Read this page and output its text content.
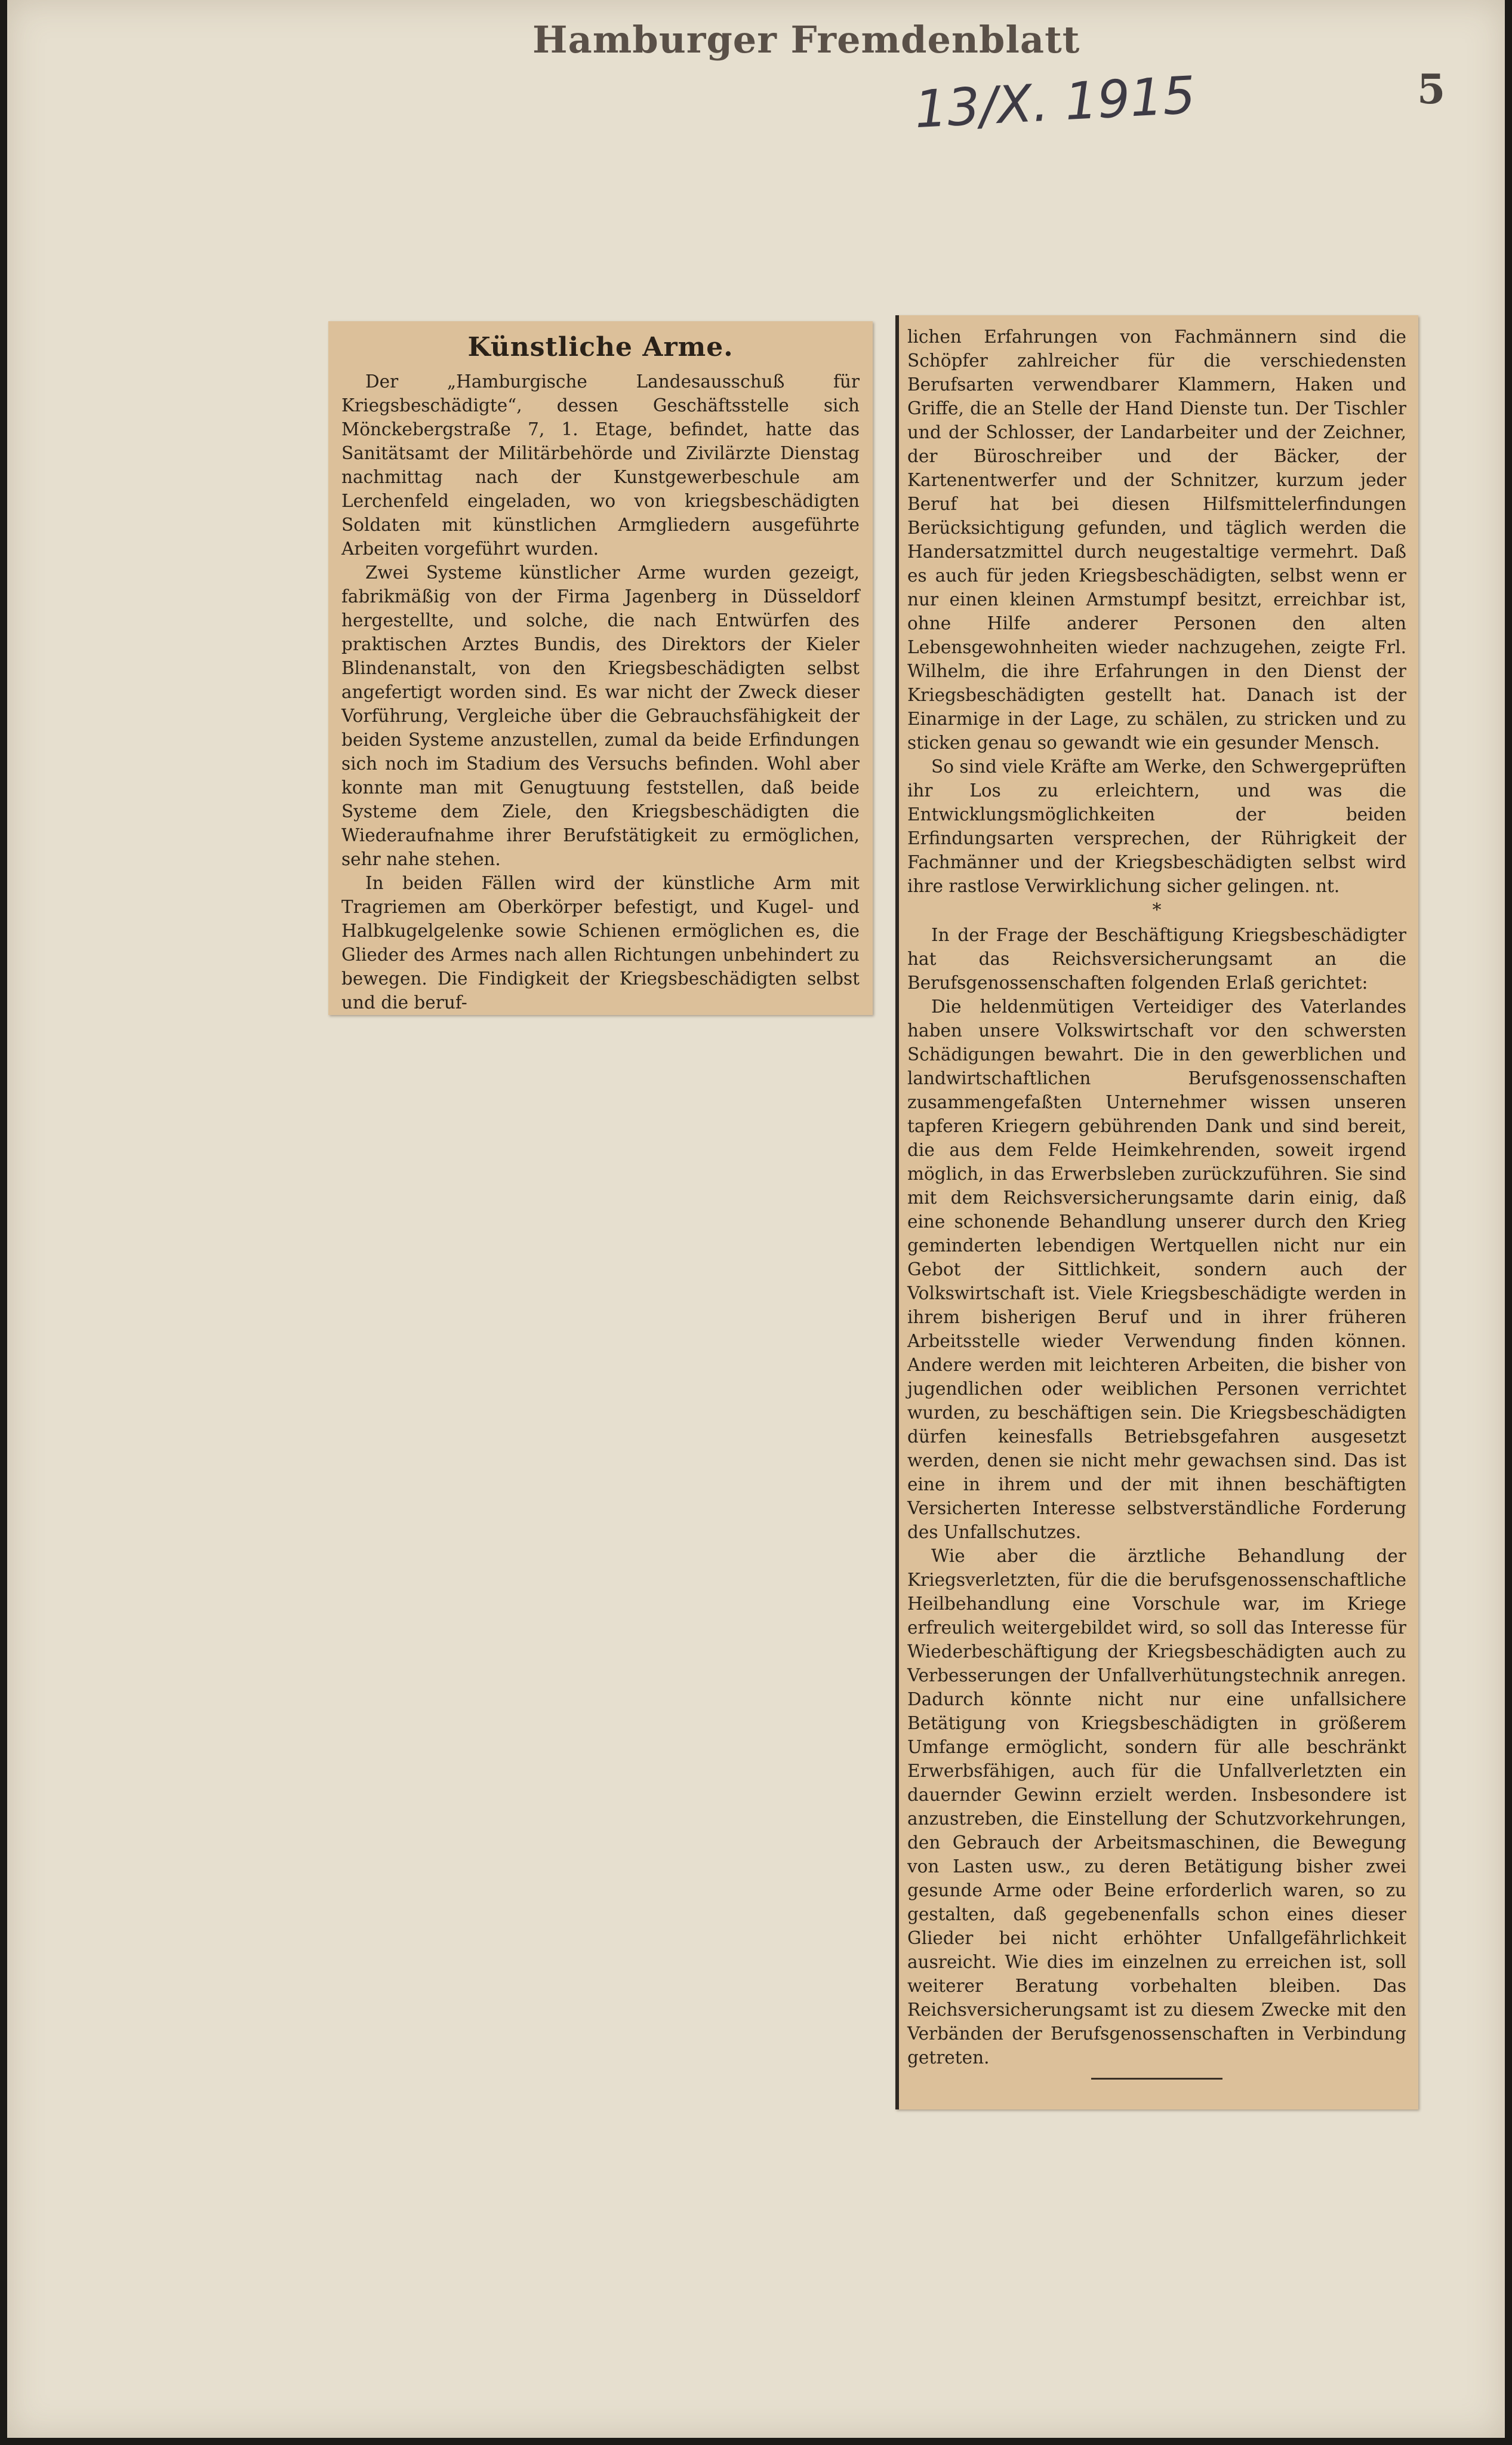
Hamburger Fremdenblatt
13/X. 1915	5
Künstliche Arme.

Der „Hamburgische Landesausschuß für Kriegsbeschädigte“, dessen Geschäftsstelle sich Mönckebergstraße 7, 1. Etage, befindet, hatte das Sanitätsamt der Militärbehörde und Zivilärzte Dienstag nachmittag nach der Kunstgewerbeschule am Lerchenfeld eingeladen, wo von kriegsbeschädigten Soldaten mit künstlichen Armgliedern ausgeführte Arbeiten vorgeführt wurden.

Zwei Systeme künstlicher Arme wurden gezeigt, fabrikmäßig von der Firma Jagenberg in Düsseldorf hergestellte, und solche, die nach Entwürfen des praktischen Arztes Bundis, des Direktors der Kieler Blindenanstalt, von den Kriegsbeschädigten selbst angefertigt worden sind. Es war nicht der Zweck dieser Vorführung, Vergleiche über die Gebrauchsfähigkeit der beiden Systeme anzustellen, zumal da beide Erfindungen sich noch im Stadium des Versuchs befinden. Wohl aber konnte man mit Genugtuung feststellen, daß beide Systeme dem Ziele, den Kriegsbeschädigten die Wiederaufnahme ihrer Berufstätigkeit zu ermöglichen, sehr nahe stehen.

In beiden Fällen wird der künstliche Arm mit Tragriemen am Oberkörper befestigt, und Kugel- und Halbkugelgelenke sowie Schienen ermöglichen es, die Glieder des Armes nach allen Richtungen unbehindert zu bewegen. Die Findigkeit der Kriegsbeschädigten selbst und die beruf-

lichen Erfahrungen von Fachmännern sind die Schöpfer zahlreicher für die verschiedensten Berufsarten verwendbarer Klammern, Haken und Griffe, die an Stelle der Hand Dienste tun. Der Tischler und der Schlosser, der Landarbeiter und der Zeichner, der Büroschreiber und der Bäcker, der Kartenentwerfer und der Schnitzer, kurzum jeder Beruf hat bei diesen Hilfsmittelerfindungen Berücksichtigung gefunden, und täglich werden die Handersatzmittel durch neugestaltige vermehrt. Daß es auch für jeden Kriegsbeschädigten, selbst wenn er nur einen kleinen Armstumpf besitzt, erreichbar ist, ohne Hilfe anderer Personen den alten Lebensgewohnheiten wieder nachzugehen, zeigte Frl. Wilhelm, die ihre Erfahrungen in den Dienst der Kriegsbeschädigten gestellt hat. Danach ist der Einarmige in der Lage, zu schälen, zu stricken und zu sticken genau so gewandt wie ein gesunder Mensch.

So sind viele Kräfte am Werke, den Schwergeprüften ihr Los zu erleichtern, und was die Entwicklungsmöglichkeiten der beiden Erfindungsarten versprechen, der Rührigkeit der Fachmänner und der Kriegsbeschädigten selbst wird ihre rastlose Verwirklichung sicher gelingen. nt.

*

In der Frage der Beschäftigung Kriegsbeschädigter hat das Reichsversicherungsamt an die Berufsgenossenschaften folgenden Erlaß gerichtet:

Die heldenmütigen Verteidiger des Vaterlandes haben unsere Volkswirtschaft vor den schwersten Schädigungen bewahrt. Die in den gewerblichen und landwirtschaftlichen Berufsgenossenschaften zusammengefaßten Unternehmer wissen unseren tapferen Kriegern gebührenden Dank und sind bereit, die aus dem Felde Heimkehrenden, soweit irgend möglich, in das Erwerbsleben zurückzuführen. Sie sind mit dem Reichsversicherungsamte darin einig, daß eine schonende Behandlung unserer durch den Krieg geminderten lebendigen Wertquellen nicht nur ein Gebot der Sittlichkeit, sondern auch der Volkswirtschaft ist. Viele Kriegsbeschädigte werden in ihrem bisherigen Beruf und in ihrer früheren Arbeitsstelle wieder Verwendung finden können. Andere werden mit leichteren Arbeiten, die bisher von jugendlichen oder weiblichen Personen verrichtet wurden, zu beschäftigen sein. Die Kriegsbeschädigten dürfen keinesfalls Betriebsgefahren ausgesetzt werden, denen sie nicht mehr gewachsen sind. Das ist eine in ihrem und der mit ihnen beschäftigten Versicherten Interesse selbstverständliche Forderung des Unfallschutzes.

Wie aber die ärztliche Behandlung der Kriegsverletzten, für die die berufsgenossenschaftliche Heilbehandlung eine Vorschule war, im Kriege erfreulich weitergebildet wird, so soll das Interesse für Wiederbeschäftigung der Kriegsbeschädigten auch zu Verbesserungen der Unfallverhütungstechnik anregen. Dadurch könnte nicht nur eine unfallsichere Betätigung von Kriegsbeschädigten in größerem Umfange ermöglicht, sondern für alle beschränkt Erwerbsfähigen, auch für die Unfallverletzten ein dauernder Gewinn erzielt werden. Insbesondere ist anzustreben, die Einstellung der Schutzvorkehrungen, den Gebrauch der Arbeitsmaschinen, die Bewegung von Lasten usw., zu deren Betätigung bisher zwei gesunde Arme oder Beine erforderlich waren, so zu gestalten, daß gegebenenfalls schon eines dieser Glieder bei nicht erhöhter Unfallgefährlichkeit ausreicht. Wie dies im einzelnen zu erreichen ist, soll weiterer Beratung vorbehalten bleiben. Das Reichsversicherungsamt ist zu diesem Zwecke mit den Verbänden der Berufsgenossenschaften in Verbindung getreten.
